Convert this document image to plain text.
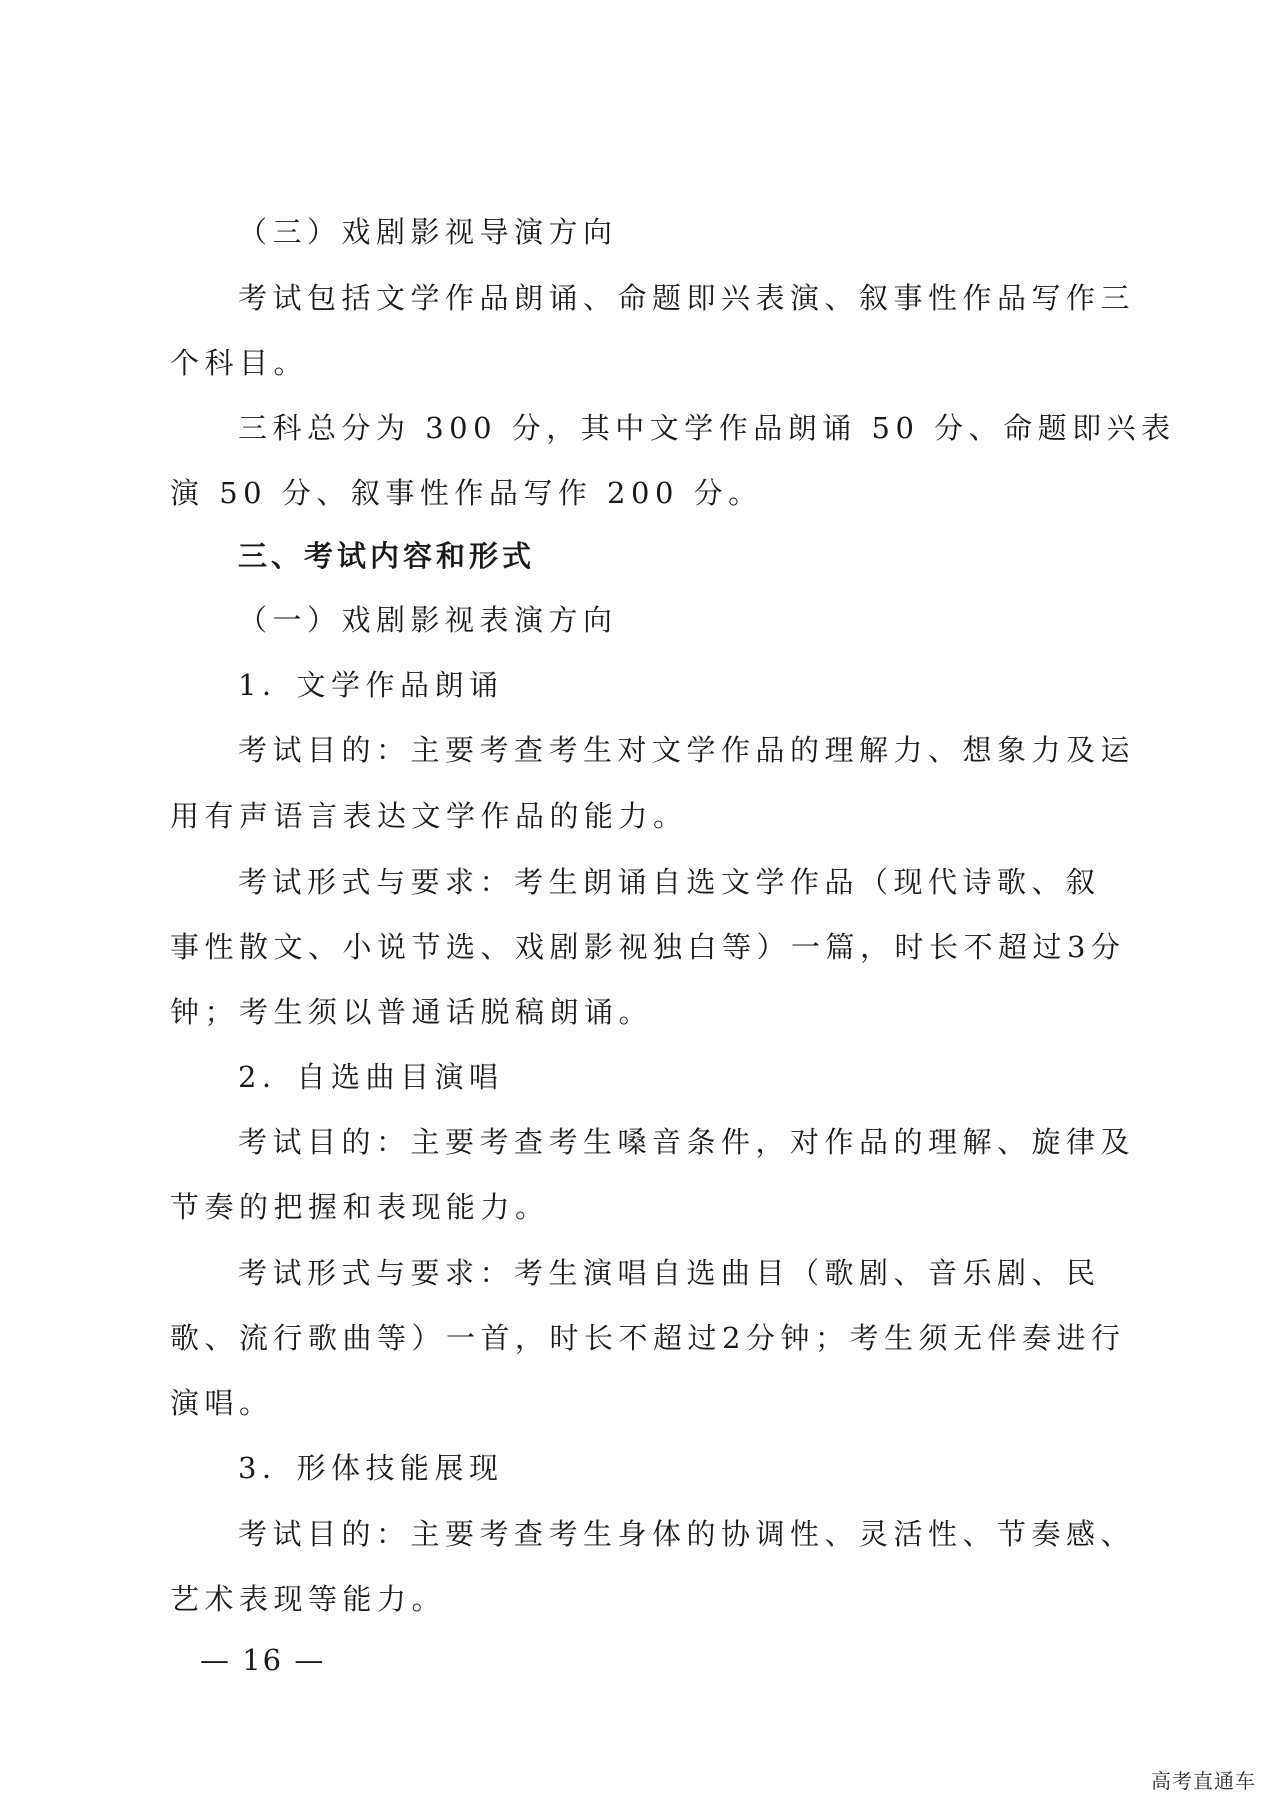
（三）戏剧影视导演方向
考试包括文学作品朗诵、命题即兴表演、叙事性作品写作三
个科目。
三科总分为 300 分，其中文学作品朗诵 50 分、命题即兴表
演 50 分、叙事性作品写作 200 分。
三、考试内容和形式
（一）戏剧影视表演方向
1．文学作品朗诵
考试目的：主要考查考生对文学作品的理解力、想象力及运
用有声语言表达文学作品的能力。
考试形式与要求：考生朗诵自选文学作品（现代诗歌、叙
事性散文、小说节选、戏剧影视独白等）一篇，时长不超过3分
钟；考生须以普通话脱稿朗诵。
2．自选曲目演唱
考试目的：主要考查考生嗓音条件，对作品的理解、旋律及
节奏的把握和表现能力。
考试形式与要求：考生演唱自选曲目（歌剧、音乐剧、民
歌、流行歌曲等）一首，时长不超过2分钟；考生须无伴奏进行
演唱。
3．形体技能展现
考试目的：主要考查考生身体的协调性、灵活性、节奏感、
艺术表现等能力。
— 16 —
高考直通车
